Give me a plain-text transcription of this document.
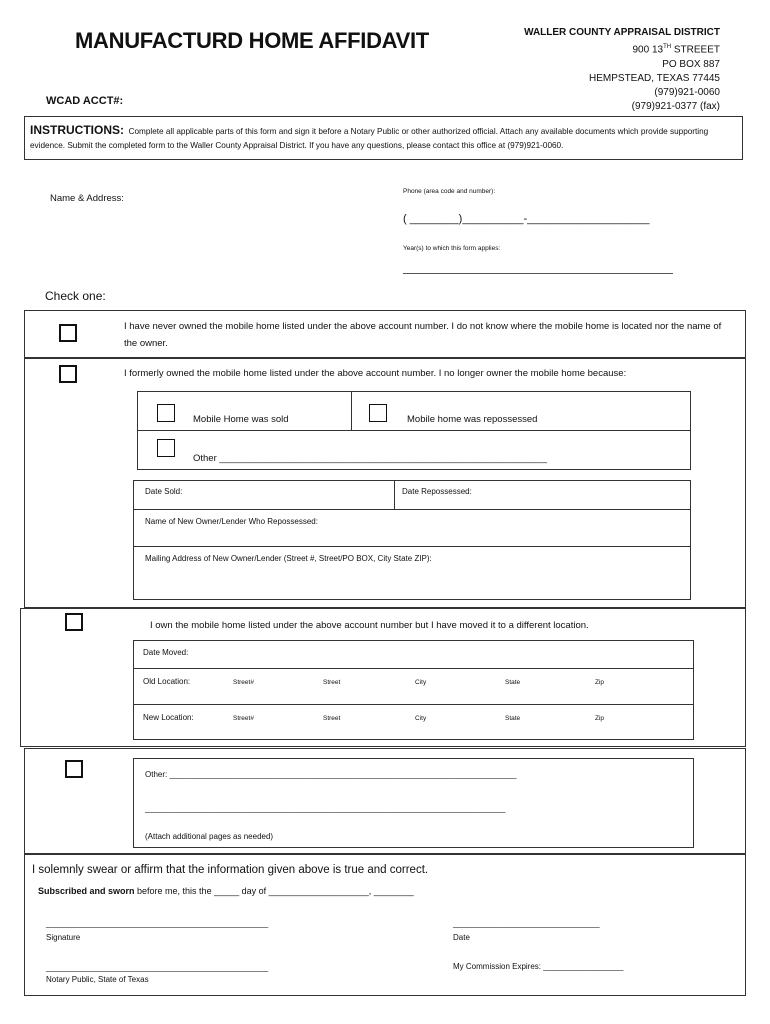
MANUFACTURD HOME AFFIDAVIT
WCAD ACCT#:
WALLER COUNTY APPRAISAL DISTRICT
900 13TH STREEET
PO BOX 887
HEMPSTEAD, TEXAS 77445
(979)921-0060
(979)921-0377 (fax)
INSTRUCTIONS: Complete all applicable parts of this form and sign it before a Notary Public or other authorized official. Attach any available documents which provide supporting evidence. Submit the completed form to the Waller County Appraisal District. If you have any questions, please contact this office at (979)921-0060.
Name & Address:
Phone (area code and number):
( ________)__________-____________________
Year(s) to which this form applies:
Check one:
I have never owned the mobile home listed under the above account number. I do not know where the mobile home is located nor the name of the owner.
I formerly owned the mobile home listed under the above account number. I no longer owner the mobile home because:
Mobile Home was sold	Mobile home was repossessed
Other ______________________________________________________________
Date Sold:	Date Repossessed:
Name of New Owner/Lender Who Repossessed:
Mailing Address of New Owner/Lender (Street #, Street/PO BOX, City State ZIP):
I own the mobile home listed under the above account number but I have moved it to a different location.
Date Moved:
Old Location:	Street#	Street	City	State	Zip
New Location:	Street#	Street	City	State	Zip
Other: ______________________________________________________________________________
_________________________________________________________________________________
(Attach additional pages as needed)
I solemnly swear or affirm that the information given above is true and correct.
Subscribed and sworn before me, this the _____ day of ____________________, ________
_______________________________________________
Signature
_______________________________
Date
_______________________________________________
Notary Public, State of Texas
My Commission Expires: __________________
